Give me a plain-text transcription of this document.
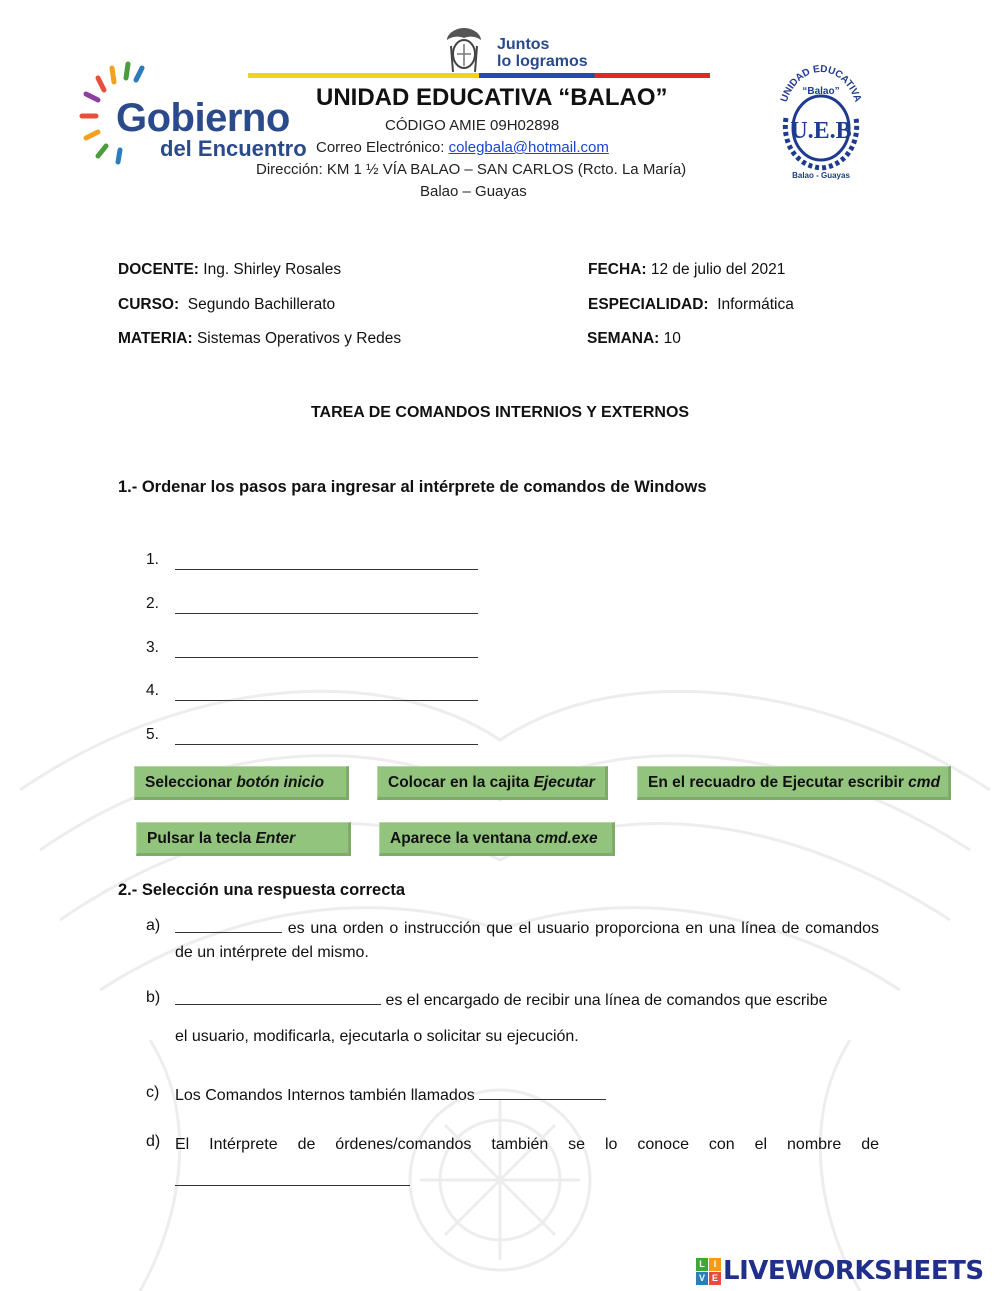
Gobierno
del Encuentro
Juntos
lo logramos
UNIDAD EDUCATIVA “BALAO”
CÓDIGO AMIE 09H02898
Correo Electrónico: colegbala@hotmail.com
Dirección: KM 1 ½ VÍA BALAO – SAN CARLOS (Rcto. La María)
Balao – Guayas
UNIDAD EDUCATIVA
“Balao”
U.E.B
Balao - Guayas
DOCENTE: Ing. Shirley Rosales	FECHA: 12 de julio del 2021
CURSO: Segundo Bachillerato	ESPECIALIDAD: Informática
MATERIA: Sistemas Operativos y Redes	SEMANA: 10
TAREA DE COMANDOS INTERNIOS Y EXTERNOS
1.- Ordenar los pasos para ingresar al intérprete de comandos de Windows
1.
2.
3.
4.
5.
Seleccionar botón inicio	Colocar en la cajita Ejecutar	En el recuadro de Ejecutar escribir cmd
Pulsar la tecla Enter	Aparece la ventana cmd.exe
2.- Selección una respuesta correcta
a)	es una orden o instrucción que el usuario proporciona en una línea de comandos de un intérprete del mismo.
b)	es el encargado de recibir una línea de comandos que escribe
el usuario, modificarla, ejecutarla o solicitar su ejecución.
c) Los Comandos Internos también llamados
d) El Intérprete de órdenes/comandos también se lo conoce con el nombre de
L I
V E LIVEWORKSHEETS
